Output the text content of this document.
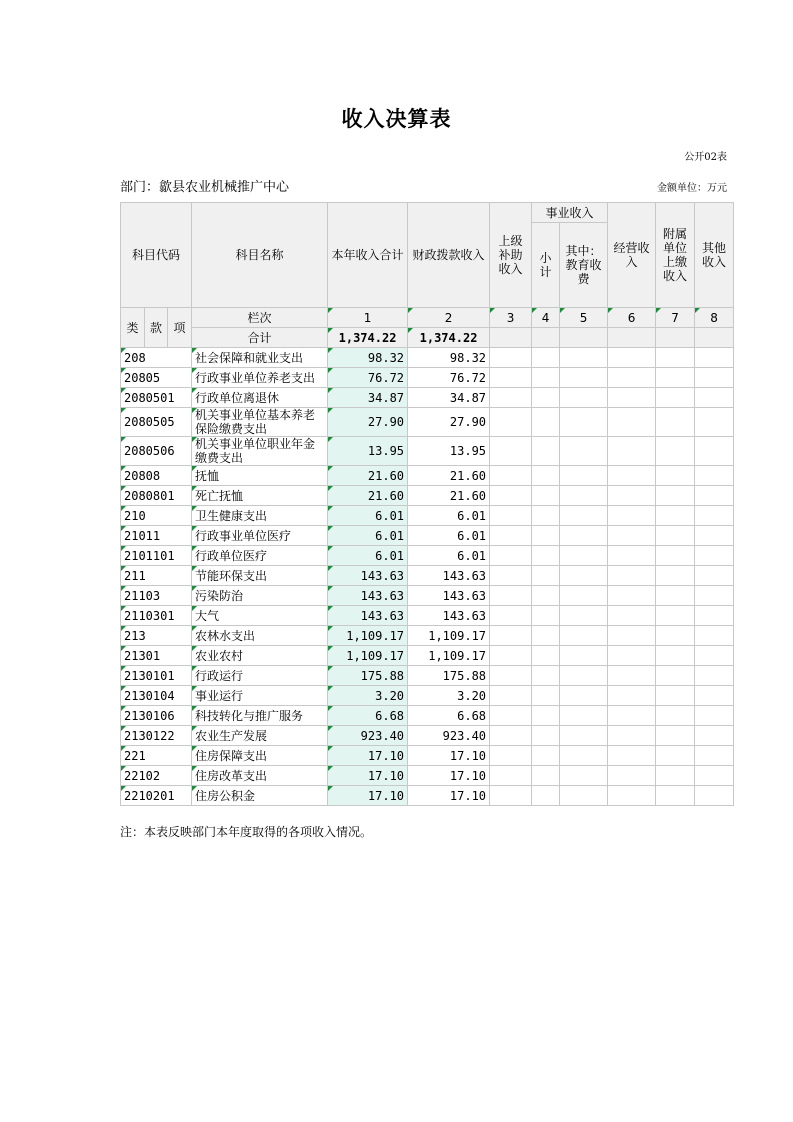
收入决算表
公开02表
部门：歙县农业机械推广中心	金额单位：万元
科目代码			科目名称	本年收入合计	财政拨款收入	上级补助收入	事业收入		经营收入	附属单位上缴收入	其他收入
							小计	其中：教育收费			
类	款	项	栏次	1	2	3	4	5	6	7	8
			合计	1,374.22	1,374.22						
208			社会保障和就业支出	98.32	98.32						
20805			行政事业单位养老支出	76.72	76.72						
2080501			行政单位离退休	34.87	34.87						
2080505			机关事业单位基本养老保险缴费支出	27.90	27.90						
2080506			机关事业单位职业年金缴费支出	13.95	13.95						
20808			抚恤	21.60	21.60						
2080801			死亡抚恤	21.60	21.60						
210			卫生健康支出	6.01	6.01						
21011			行政事业单位医疗	6.01	6.01						
2101101			行政单位医疗	6.01	6.01						
211			节能环保支出	143.63	143.63						
21103			污染防治	143.63	143.63						
2110301			大气	143.63	143.63						
213			农林水支出	1,109.17	1,109.17						
21301			农业农村	1,109.17	1,109.17						
2130101			行政运行	175.88	175.88						
2130104			事业运行	3.20	3.20						
2130106			科技转化与推广服务	6.68	6.68						
2130122			农业生产发展	923.40	923.40						
221			住房保障支出	17.10	17.10						
22102			住房改革支出	17.10	17.10						
2210201			住房公积金	17.10	17.10						
注：本表反映部门本年度取得的各项收入情况。
